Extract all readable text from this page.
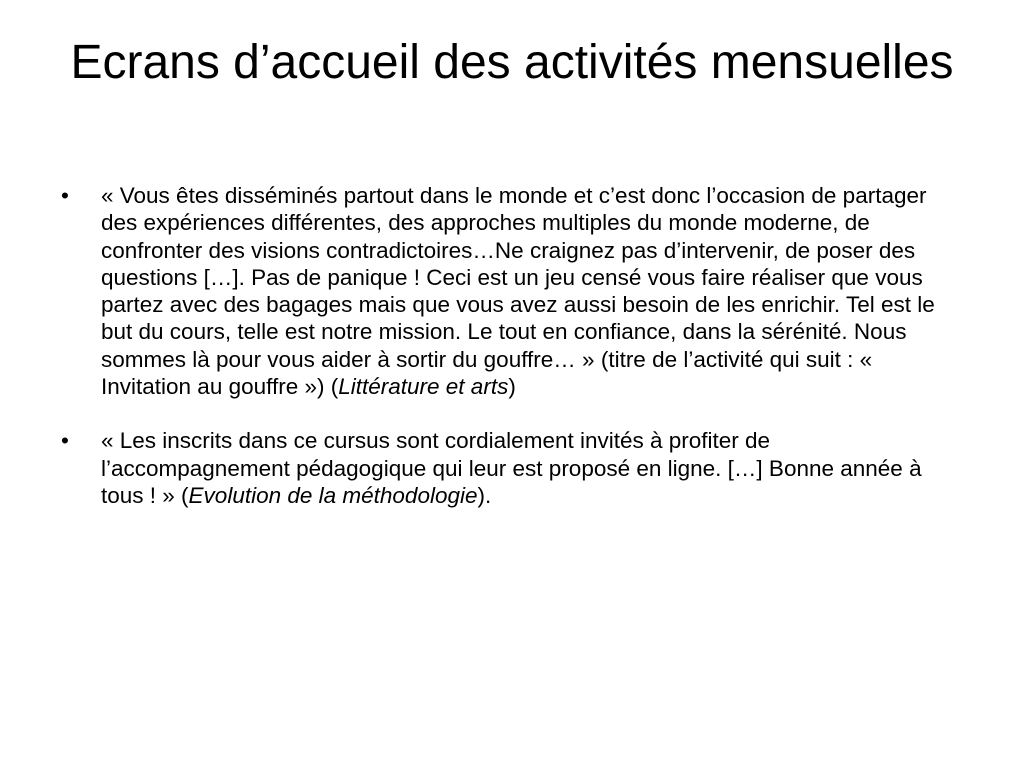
Ecrans d’accueil des activités mensuelles
• « Vous êtes disséminés partout dans le monde et c’est donc l’occasion de partager des expériences différentes, des approches multiples du monde moderne, de confronter des visions contradictoires…Ne craignez pas d’intervenir, de poser des questions […]. Pas de panique ! Ceci est un jeu censé vous faire réaliser que vous partez avec des bagages mais que vous avez aussi besoin de les enrichir. Tel est le but du cours, telle est notre mission. Le tout en confiance, dans la sérénité. Nous sommes là pour vous aider à sortir du gouffre… » (titre de l’activité qui suit : « Invitation au gouffre ») (Littérature et arts)
• « Les inscrits dans ce cursus sont cordialement invités à profiter de l’accompagnement pédagogique qui leur est proposé en ligne. […] Bonne année à tous ! » (Evolution de la méthodologie).
